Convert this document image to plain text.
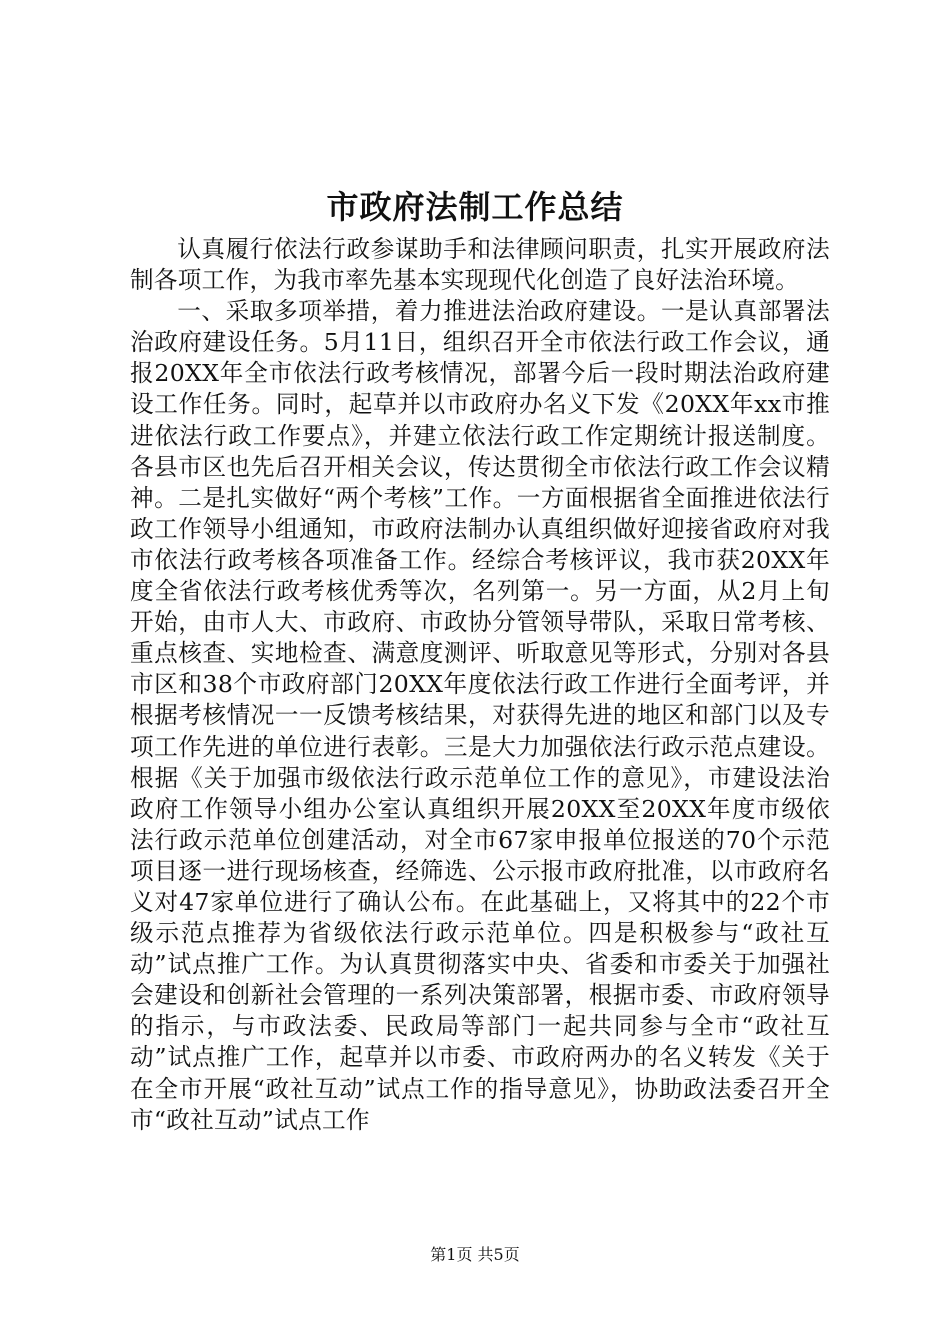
市政府法制工作总结

认真履行依法行政参谋助手和法律顾问职责，扎实开展政府法制各项工作，为我市率先基本实现现代化创造了良好法治环境。

一、采取多项举措，着力推进法治政府建设。一是认真部署法治政府建设任务。5月11日，组织召开全市依法行政工作会议，通报20XX年全市依法行政考核情况，部署今后一段时期法治政府建设工作任务。同时，起草并以市政府办名义下发《20XX年xx市推进依法行政工作要点》，并建立依法行政工作定期统计报送制度。各县市区也先后召开相关会议，传达贯彻全市依法行政工作会议精神。二是扎实做好“两个考核”工作。一方面根据省全面推进依法行政工作领导小组通知，市政府法制办认真组织做好迎接省政府对我市依法行政考核各项准备工作。经综合考核评议，我市获20XX年度全省依法行政考核优秀等次，名列第一。另一方面，从2月上旬开始，由市人大、市政府、市政协分管领导带队，采取日常考核、重点核查、实地检查、满意度测评、听取意见等形式，分别对各县市区和38个市政府部门20XX年度依法行政工作进行全面考评，并根据考核情况一一反馈考核结果，对获得先进的地区和部门以及专项工作先进的单位进行表彰。三是大力加强依法行政示范点建设。根据《关于加强市级依法行政示范单位工作的意见》，市建设法治政府工作领导小组办公室认真组织开展20XX至20XX年度市级依法行政示范单位创建活动，对全市67家申报单位报送的70个示范项目逐一进行现场核查，经筛选、公示报市政府批准，以市政府名义对47家单位进行了确认公布。在此基础上，又将其中的22个市级示范点推荐为省级依法行政示范单位。四是积极参与“政社互动”试点推广工作。为认真贯彻落实中央、省委和市委关于加强社会建设和创新社会管理的一系列决策部署，根据市委、市政府领导的指示，与市政法委、民政局等部门一起共同参与全市“政社互动”试点推广工作，起草并以市委、市政府两办的名义转发《关于在全市开展“政社互动”试点工作的指导意见》，协助政法委召开全市“政社互动”试点工作

第1页 共5页
